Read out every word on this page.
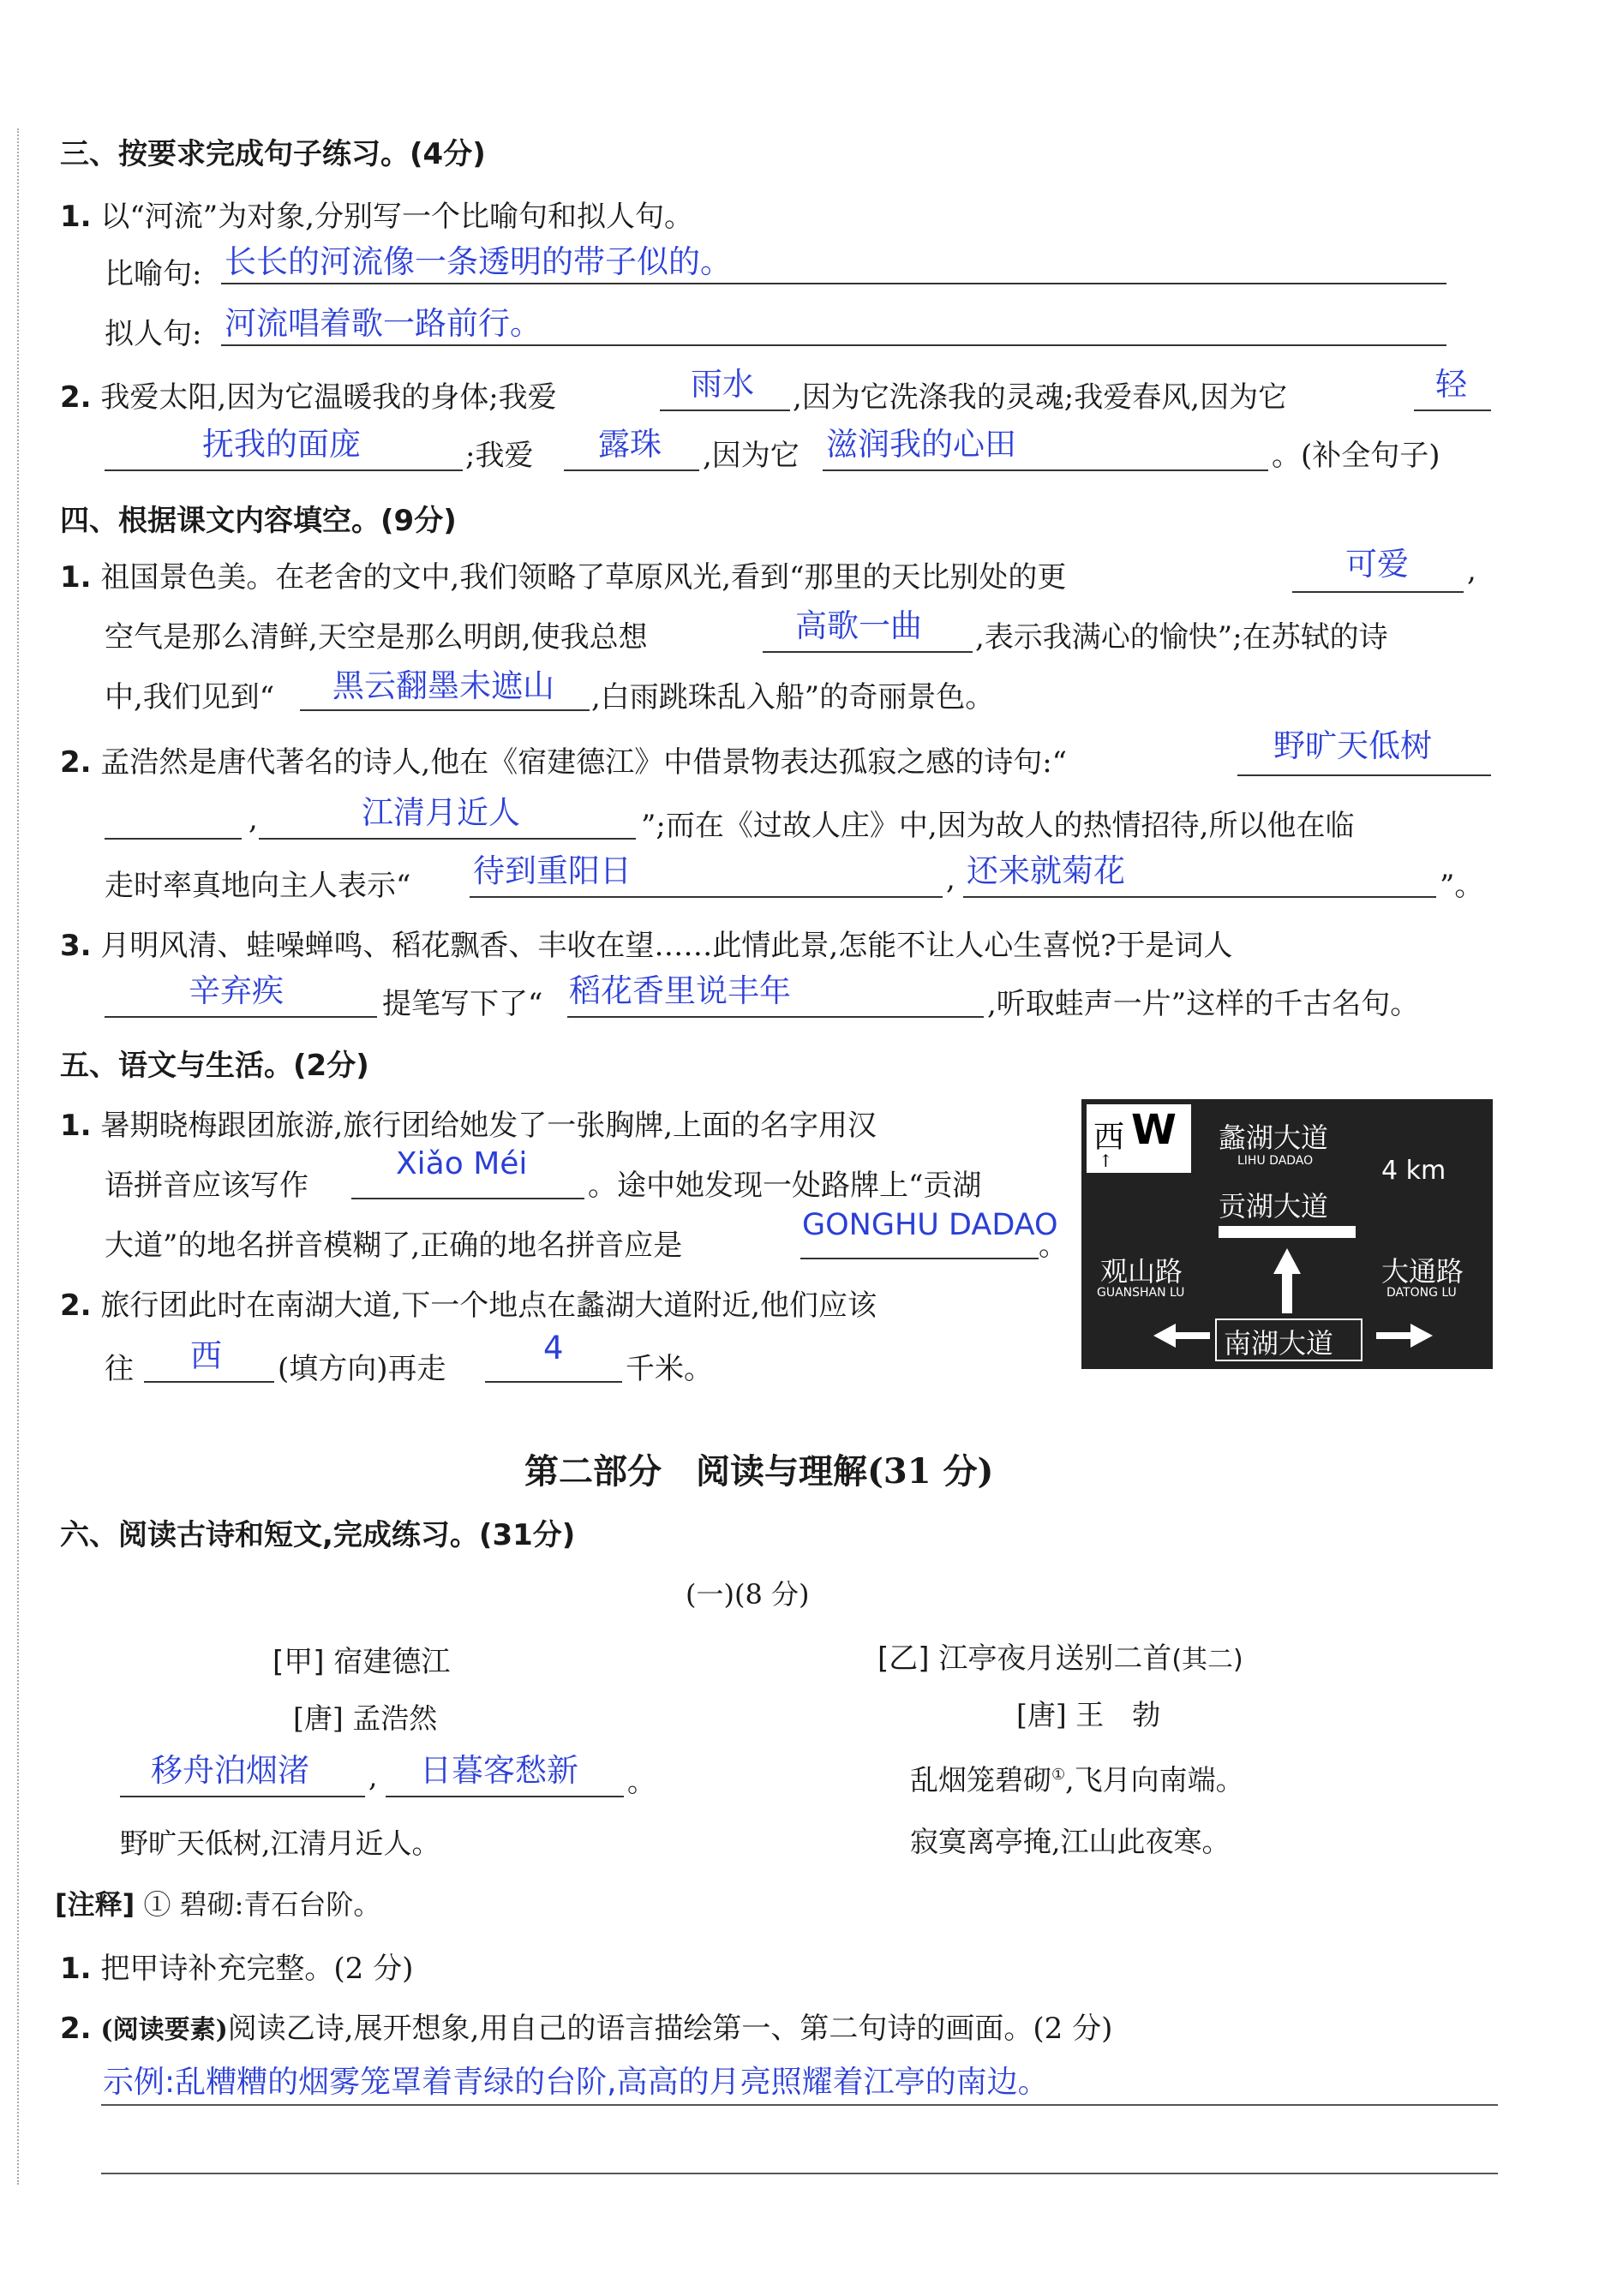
三、按要求完成句子练习。(4分)
1. 以“河流”为对象,分别写一个比喻句和拟人句。
比喻句: 长长的河流像一条透明的带子似的。
拟人句: 河流唱着歌一路前行。
2. 我爱太阳,因为它温暖我的身体;我爱	雨水 ,因为它洗涤我的灵魂;我爱春风,因为它	轻
抚我的面庞	;我爱 露珠 ,因为它 滋润我的心田	。(补全句子)
四、根据课文内容填空。(9分)
1. 祖国景色美。在老舍的文中,我们领略了草原风光,看到“那里的天比别处的更	可爱 ,
空气是那么清鲜,天空是那么明朗,使我总想	高歌一曲 ,表示我满心的愉快”;在苏轼的诗
中,我们见到“ 黑云翻墨未遮山 ,白雨跳珠乱入船”的奇丽景色。
2. 孟浩然是唐代著名的诗人,他在《宿建德江》中借景物表达孤寂之感的诗句:“	野旷天低树
,	江清月近人	”;而在《过故人庄》中,因为故人的热情招待,所以他在临
走时率真地向主人表示“ 待到重阳日	, 还来就菊花	”。
3. 月明风清、蛙噪蝉鸣、稻花飘香、丰收在望……此情此景,怎能不让人心生喜悦?于是词人
辛弃疾	提笔写下了“ 稻花香里说丰年	,听取蛙声一片”这样的千古名句。
五、语文与生活。(2分)
1. 暑期晓梅跟团旅游,旅行团给她发了一张胸牌,上面的名字用汉
语拼音应该写作
Xiǎo Méi
。途中她发现一处路牌上“贡湖
大道”的地名拼音模糊了,正确的地名拼音应是
GONGHU DADAO
。
2. 旅行团此时在南湖大道,下一个地点在蠡湖大道附近,他们应该
往 西 (填方向)再走
4
千米。
西 W
↑
蠡湖大道
LIHU DADAO	4 km
贡湖大道
观山路
GUANSHAN LU
大通路
DATONG LU
南湖大道
第二部分　阅读与理解(31 分)
六、阅读古诗和短文,完成练习。(31分)
(一)(8 分)
[甲] 宿建德江
[唐] 孟浩然
移舟泊烟渚 , 日暮客愁新 。
野旷天低树,江清月近人。
[乙] 江亭夜月送别二首(其二)
[唐] 王　勃
乱烟笼碧砌①,飞月向南端。
寂寞离亭掩,江山此夜寒。
[注释] ① 碧砌:青石台阶。
1. 把甲诗补充完整。(2 分)
2. (阅读要素)阅读乙诗,展开想象,用自己的语言描绘第一、第二句诗的画面。(2 分)
示例:乱糟糟的烟雾笼罩着青绿的台阶,高高的月亮照耀着江亭的南边。
